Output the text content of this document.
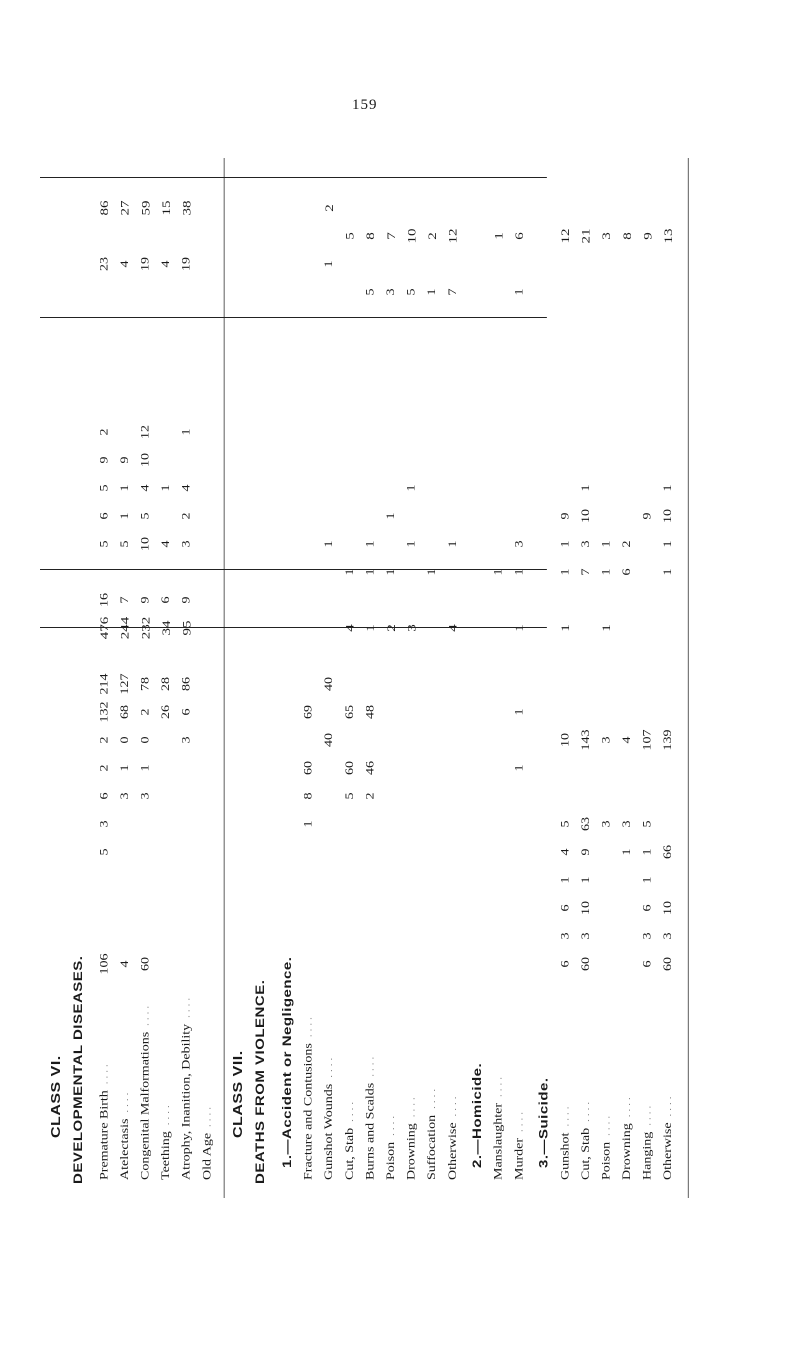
159
CLASS VI. DEVELOPMENTAL DISEASES. Premature Birth....
106
5
3
6
2
2
132
214
476
16
5
6
5
9
2
23
86
Atelectasis....
4
3
1
0
68
127
244
7
5
1
1
9
4
27
Congenital Malformations....
60
3
1
0
2
78
232
9
10
5
4
10
12
19
59
Teething....
26
28
34
6
4
1
4
15
Atrophy, Inanition, Debility....
3
6
86
95
9
3
2
4
1
19
38
Old Age.... CLASS VII. DEATHS FROM VIOLENCE. 1.—Accident or Negligence. Fracture and Contusions....
1
8
60
69
Gunshot Wounds....
40
40
1
1
2
Cut, Stab....
5
60
65
4
1
5
Burns and Scalds....
2
46
48
1
1
1
5
8
Poison....
2
1
1
3
7
Drowning....
3
1
1
5
10
Suffocation....
1
1
2
Otherwise....
4
1
7
12
2.—Homicide. Manslaughter....
1
1
Murder....
1
1
1
1
3
1
6
3.—Suicide. Gunshot....
6
3
6
1
4
5
10
1
1
1
9
12
Cut, Stab....
60
3
10
1
9
63
143
7
3
10
1
21
Poison....
3
3
1
1
1
3
Drowning....
1
3
4
6
2
8
Hanging....
6
3
6
1
1
5
107
9
9
Otherwise....
60
3
10
66
139
1
1
10
1
13
